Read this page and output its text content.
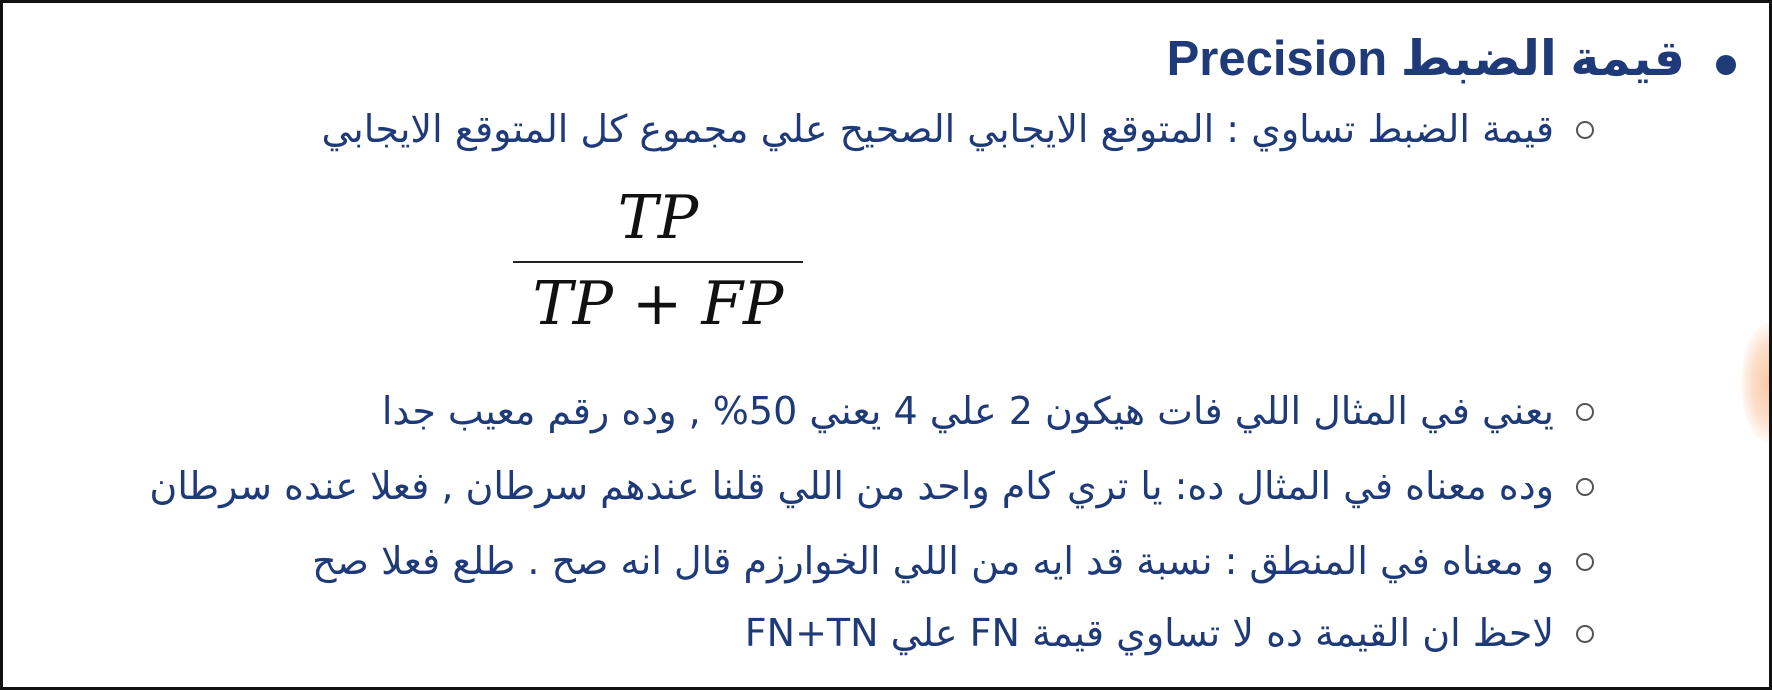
قيمة الضبط Precision
قيمة الضبط تساوي : المتوقع الايجابي الصحيح علي مجموع كل المتوقع الايجابي
TP
TP + FP
يعني في المثال اللي فات هيكون 2 علي 4 يعني 50% , وده رقم معيب جدا
وده معناه في المثال ده: يا تري كام واحد من اللي قلنا عندهم سرطان , فعلا عنده سرطان
و معناه في المنطق : نسبة قد ايه من اللي الخوارزم قال انه صح . طلع فعلا صح
لاحظ ان القيمة ده لا تساوي قيمة FN علي FN+TN
